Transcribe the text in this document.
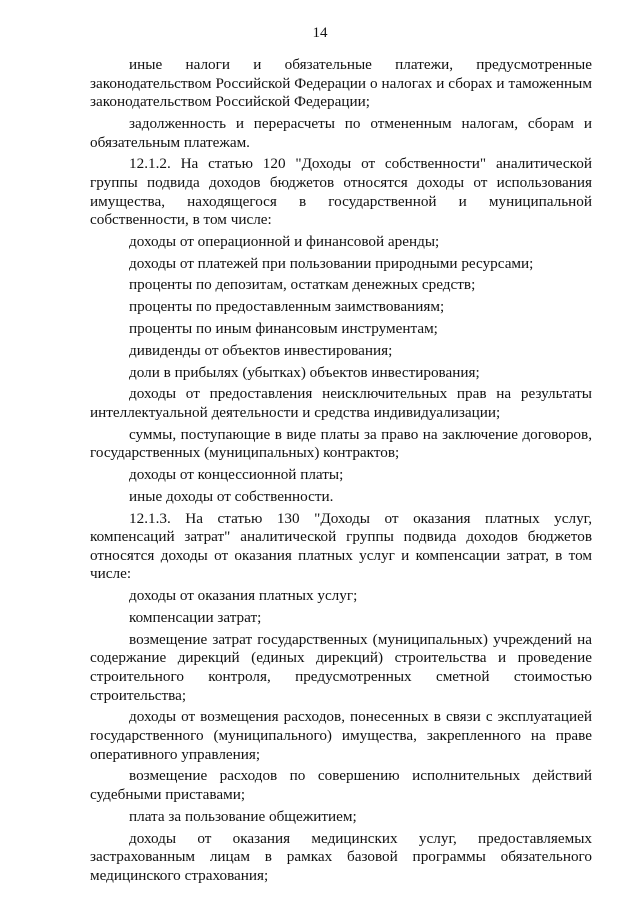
14

иные налоги и обязательные платежи, предусмотренные законодательством Российской Федерации о налогах и сборах и таможенным законодательством Российской Федерации;

задолженность и перерасчеты по отмененным налогам, сборам и обязательным платежам.

12.1.2. На статью 120 "Доходы от собственности" аналитической группы подвида доходов бюджетов относятся доходы от использования имущества, находящегося в государственной и муниципальной собственности, в том числе:

доходы от операционной и финансовой аренды;

доходы от платежей при пользовании природными ресурсами;

проценты по депозитам, остаткам денежных средств;

проценты по предоставленным заимствованиям;

проценты по иным финансовым инструментам;

дивиденды от объектов инвестирования;

доли в прибылях (убытках) объектов инвестирования;

доходы от предоставления неисключительных прав на результаты интеллектуальной деятельности и средства индивидуализации;

суммы, поступающие в виде платы за право на заключение договоров, государственных (муниципальных) контрактов;

доходы от концессионной платы;

иные доходы от собственности.

12.1.3. На статью 130 "Доходы от оказания платных услуг, компенсаций затрат" аналитической группы подвида доходов бюджетов относятся доходы от оказания платных услуг и компенсации затрат, в том числе:

доходы от оказания платных услуг;

компенсации затрат;

возмещение затрат государственных (муниципальных) учреждений на содержание дирекций (единых дирекций) строительства и проведение строительного контроля, предусмотренных сметной стоимостью строительства;

доходы от возмещения расходов, понесенных в связи с эксплуатацией государственного (муниципального) имущества, закрепленного на праве оперативного управления;

возмещение расходов по совершению исполнительных действий судебными приставами;

плата за пользование общежитием;

доходы от оказания медицинских услуг, предоставляемых застрахованным лицам в рамках базовой программы обязательного медицинского страхования;
